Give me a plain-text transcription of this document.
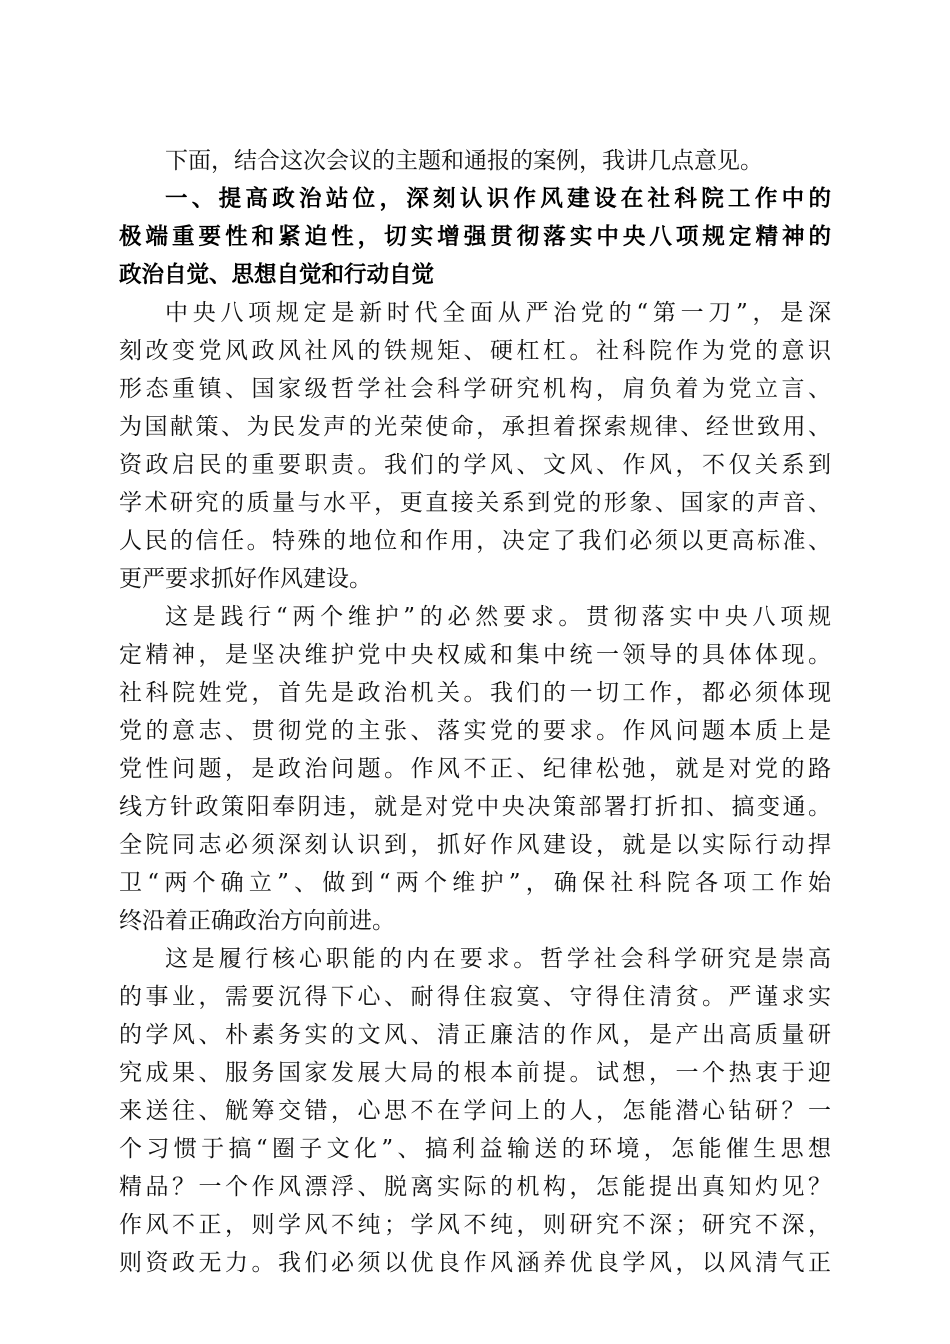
下面，结合这次会议的主题和通报的案例，我讲几点意见。
一、提高政治站位，深刻认识作风建设在社科院工作中的
极端重要性和紧迫性，切实增强贯彻落实中央八项规定精神的
政治自觉、思想自觉和行动自觉
中央八项规定是新时代全面从严治党的“第一刀”，是深
刻改变党风政风社风的铁规矩、硬杠杠。社科院作为党的意识
形态重镇、国家级哲学社会科学研究机构，肩负着为党立言、
为国献策、为民发声的光荣使命，承担着探索规律、经世致用、
资政启民的重要职责。我们的学风、文风、作风，不仅关系到
学术研究的质量与水平，更直接关系到党的形象、国家的声音、
人民的信任。特殊的地位和作用，决定了我们必须以更高标准、
更严要求抓好作风建设。
这是践行“两个维护”的必然要求。贯彻落实中央八项规
定精神，是坚决维护党中央权威和集中统一领导的具体体现。
社科院姓党，首先是政治机关。我们的一切工作，都必须体现
党的意志、贯彻党的主张、落实党的要求。作风问题本质上是
党性问题，是政治问题。作风不正、纪律松弛，就是对党的路
线方针政策阳奉阴违，就是对党中央决策部署打折扣、搞变通。
全院同志必须深刻认识到，抓好作风建设，就是以实际行动捍
卫“两个确立”、做到“两个维护”，确保社科院各项工作始
终沿着正确政治方向前进。
这是履行核心职能的内在要求。哲学社会科学研究是崇高
的事业，需要沉得下心、耐得住寂寞、守得住清贫。严谨求实
的学风、朴素务实的文风、清正廉洁的作风，是产出高质量研
究成果、服务国家发展大局的根本前提。试想，一个热衷于迎
来送往、觥筹交错，心思不在学问上的人，怎能潜心钻研？一
个习惯于搞“圈子文化”、搞利益输送的环境，怎能催生思想
精品？一个作风漂浮、脱离实际的机构，怎能提出真知灼见？
作风不正，则学风不纯；学风不纯，则研究不深；研究不深，
则资政无力。我们必须以优良作风涵养优良学风，以风清气正
